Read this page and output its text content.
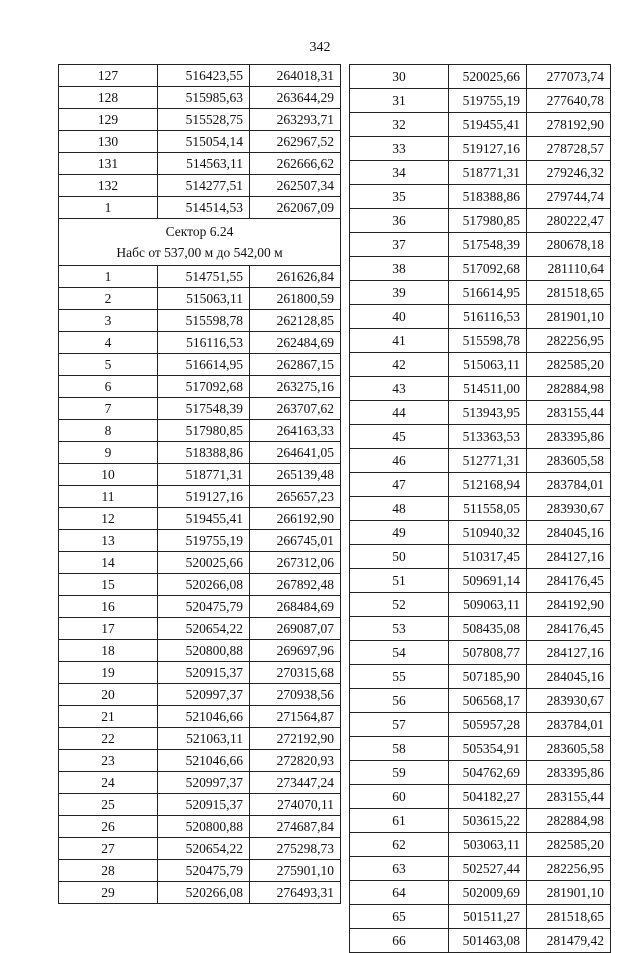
342
127	516423,55	264018,31
128	515985,63	263644,29
129	515528,75	263293,71
130	515054,14	262967,52
131	514563,11	262666,62
132	514277,51	262507,34
1	514514,53	262067,09

Сектор 6.24
Набс от 537,00 м до 542,00 м		

1	514751,55	261626,84
2	515063,11	261800,59
3	515598,78	262128,85
4	516116,53	262484,69
5	516614,95	262867,15
6	517092,68	263275,16
7	517548,39	263707,62
8	517980,85	264163,33
9	518388,86	264641,05
10	518771,31	265139,48
11	519127,16	265657,23
12	519455,41	266192,90
13	519755,19	266745,01
14	520025,66	267312,06
15	520266,08	267892,48
16	520475,79	268484,69
17	520654,22	269087,07
18	520800,88	269697,96
19	520915,37	270315,68
20	520997,37	270938,56
21	521046,66	271564,87
22	521063,11	272192,90
23	521046,66	272820,93
24	520997,37	273447,24
25	520915,37	274070,11
26	520800,88	274687,84
27	520654,22	275298,73
28	520475,79	275901,10
29	520266,08	276493,31
30	520025,66	277073,74
31	519755,19	277640,78
32	519455,41	278192,90
33	519127,16	278728,57
34	518771,31	279246,32
35	518388,86	279744,74
36	517980,85	280222,47
37	517548,39	280678,18
38	517092,68	281110,64
39	516614,95	281518,65
40	516116,53	281901,10
41	515598,78	282256,95
42	515063,11	282585,20
43	514511,00	282884,98
44	513943,95	283155,44
45	513363,53	283395,86
46	512771,31	283605,58
47	512168,94	283784,01
48	511558,05	283930,67
49	510940,32	284045,16
50	510317,45	284127,16
51	509691,14	284176,45
52	509063,11	284192,90
53	508435,08	284176,45
54	507808,77	284127,16
55	507185,90	284045,16
56	506568,17	283930,67
57	505957,28	283784,01
58	505354,91	283605,58
59	504762,69	283395,86
60	504182,27	283155,44
61	503615,22	282884,98
62	503063,11	282585,20
63	502527,44	282256,95
64	502009,69	281901,10
65	501511,27	281518,65
66	501463,08	281479,42
